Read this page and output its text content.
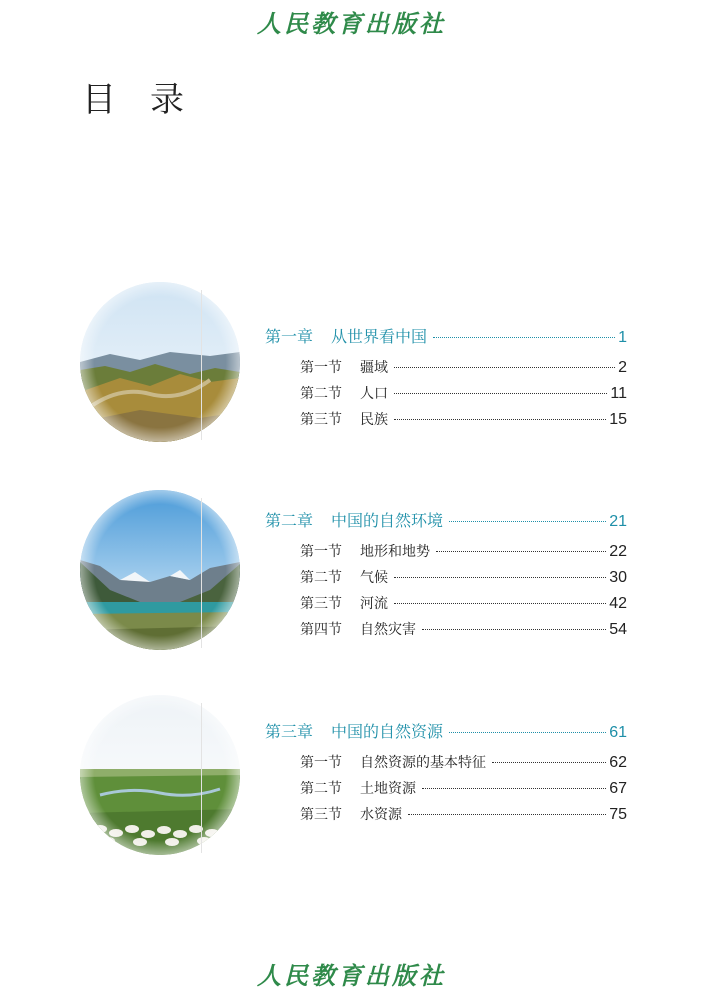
人民教育出版社
目录
第一章 从世界看中国	1
第一节 疆域	2
第二节 人口	11
第三节 民族	15
第二章 中国的自然环境	21
第一节 地形和地势	22
第二节 气候	30
第三节 河流	42
第四节 自然灾害	54
第三章 中国的自然资源	61
第一节 自然资源的基本特征	62
第二节 土地资源	67
第三节 水资源	75
人民教育出版社
